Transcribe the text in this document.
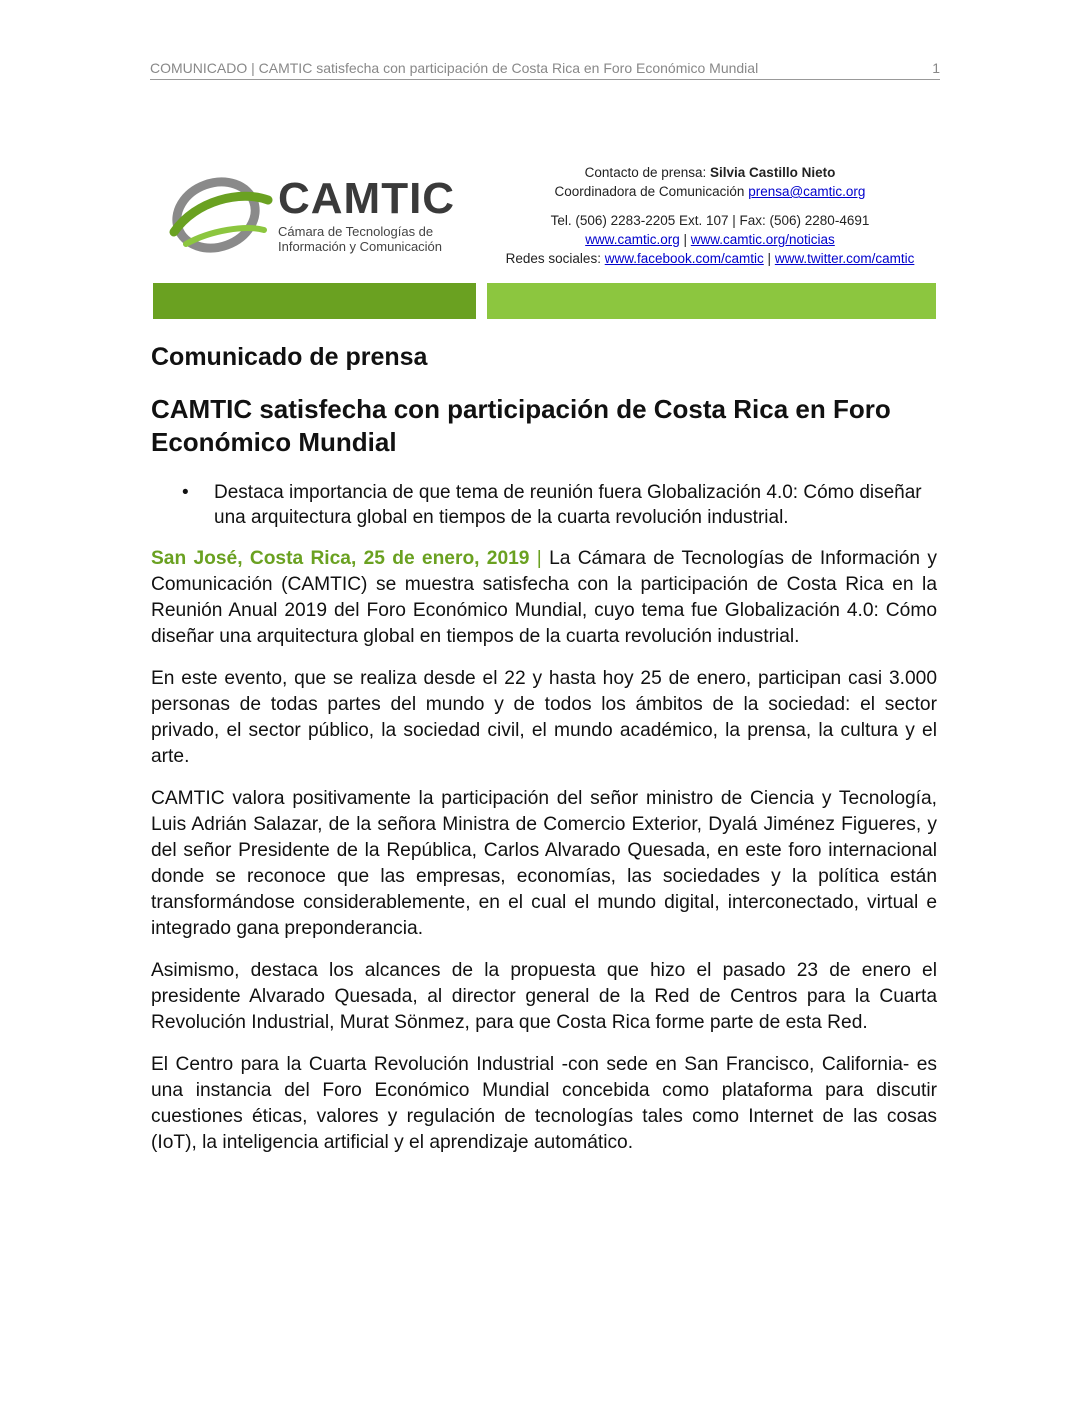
COMUNICADO | CAMTIC satisfecha con participación de Costa Rica en Foro Económico Mundial	1
CAMTIC
Cámara de Tecnologías de
Información y Comunicación
Contacto de prensa: Silvia Castillo Nieto
Coordinadora de Comunicación prensa@camtic.org
Tel. (506) 2283-2205 Ext. 107 | Fax: (506) 2280-4691
www.camtic.org | www.camtic.org/noticias
Redes sociales: www.facebook.com/camtic | www.twitter.com/camtic
Comunicado de prensa
CAMTIC satisfecha con participación de Costa Rica en Foro Económico Mundial
• Destaca importancia de que tema de reunión fuera Globalización 4.0: Cómo diseñar una arquitectura global en tiempos de la cuarta revolución industrial.

San José, Costa Rica, 25 de enero, 2019 | La Cámara de Tecnologías de Información y Comunicación (CAMTIC) se muestra satisfecha con la participación de Costa Rica en la Reunión Anual 2019 del Foro Económico Mundial, cuyo tema fue Globalización 4.0: Cómo diseñar una arquitectura global en tiempos de la cuarta revolución industrial.

En este evento, que se realiza desde el 22 y hasta hoy 25 de enero, participan casi 3.000 personas de todas partes del mundo y de todos los ámbitos de la sociedad: el sector privado, el sector público, la sociedad civil, el mundo académico, la prensa, la cultura y el arte.

CAMTIC valora positivamente la participación del señor ministro de Ciencia y Tecnología, Luis Adrián Salazar, de la señora Ministra de Comercio Exterior, Dyalá Jiménez Figueres, y del señor Presidente de la República, Carlos Alvarado Quesada, en este foro internacional donde se reconoce que las empresas, economías, las sociedades y la política están transformándose considerablemente, en el cual el mundo digital, interconectado, virtual e integrado gana preponderancia.

Asimismo, destaca los alcances de la propuesta que hizo el pasado 23 de enero el presidente Alvarado Quesada, al director general de la Red de Centros para la Cuarta Revolución Industrial, Murat Sönmez, para que Costa Rica forme parte de esta Red.

El Centro para la Cuarta Revolución Industrial -con sede en San Francisco, California- es una instancia del Foro Económico Mundial concebida como plataforma para discutir cuestiones éticas, valores y regulación de tecnologías tales como Internet de las cosas (IoT), la inteligencia artificial y el aprendizaje automático.
